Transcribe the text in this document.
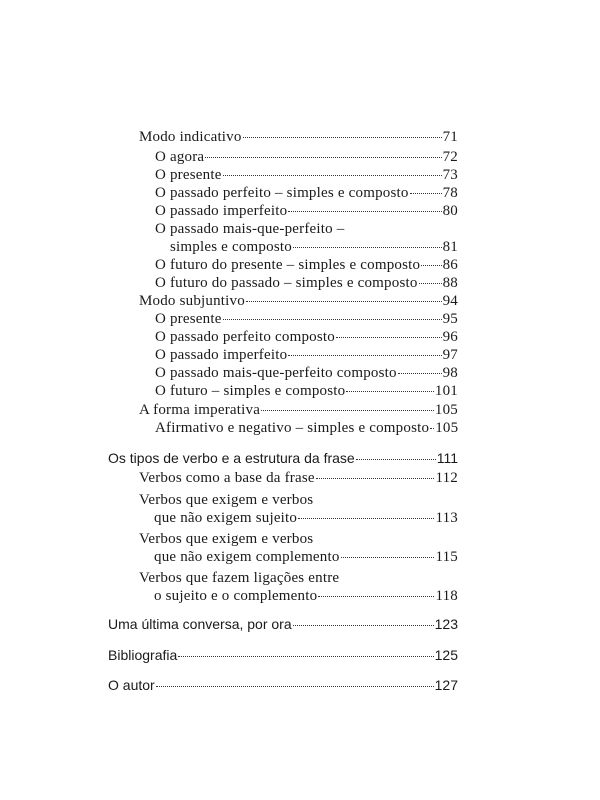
Modo indicativo	71
O agora	72
O presente	73
O passado perfeito – simples e composto 78
O passado imperfeito	80
O passado mais-que-perfeito –
simples e composto	81
O futuro do presente – simples e composto 86
O futuro do passado – simples e composto 88
Modo subjuntivo	94
O presente	95
O passado perfeito composto	96
O passado imperfeito	97
O passado mais-que-perfeito composto	98
O futuro – simples e composto	101
A forma imperativa	105
Afirmativo e negativo – simples e composto 105
Os tipos de verbo e a estrutura da frase	111
Verbos como a base da frase	112
Verbos que exigem e verbos
que não exigem sujeito	113
Verbos que exigem e verbos
que não exigem complemento	115
Verbos que fazem ligações entre
o sujeito e o complemento	118
Uma última conversa, por ora	123
Bibliografia	125
O autor	127
